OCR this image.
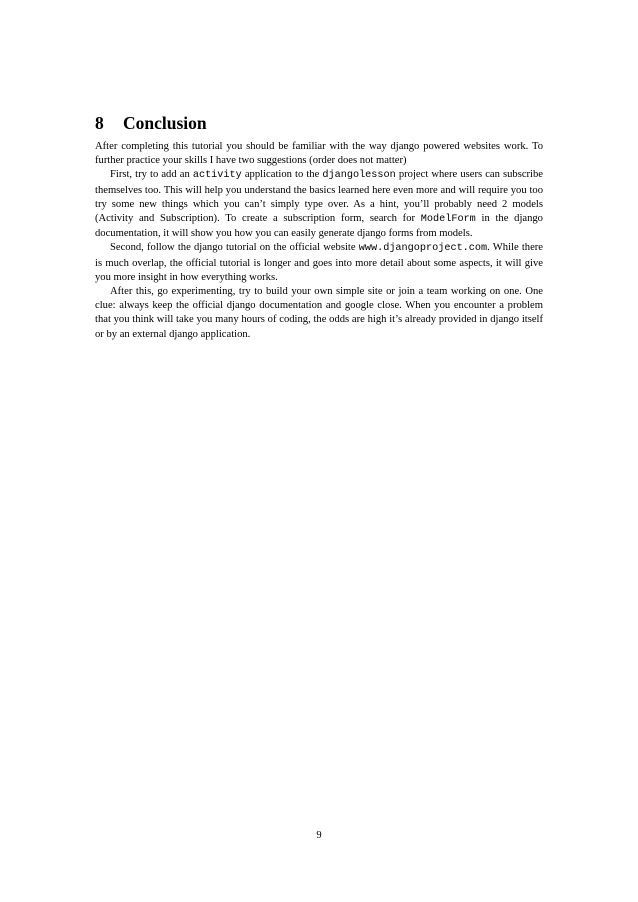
8 Conclusion

After completing this tutorial you should be familiar with the way django powered websites work. To further practice your skills I have two suggestions (order does not matter)

First, try to add an activity application to the djangolesson project where users can subscribe themselves too. This will help you understand the basics learned here even more and will require you too try some new things which you can’t simply type over. As a hint, you’ll probably need 2 models (Activity and Subscription). To create a subscription form, search for ModelForm in the django documentation, it will show you how you can easily generate django forms from models.

Second, follow the django tutorial on the official website www.djangoproject.com. While there is much overlap, the official tutorial is longer and goes into more detail about some aspects, it will give you more insight in how everything works.

After this, go experimenting, try to build your own simple site or join a team working on one. One clue: always keep the official django documentation and google close. When you encounter a problem that you think will take you many hours of coding, the odds are high it’s already provided in django itself or by an external django application.

9
